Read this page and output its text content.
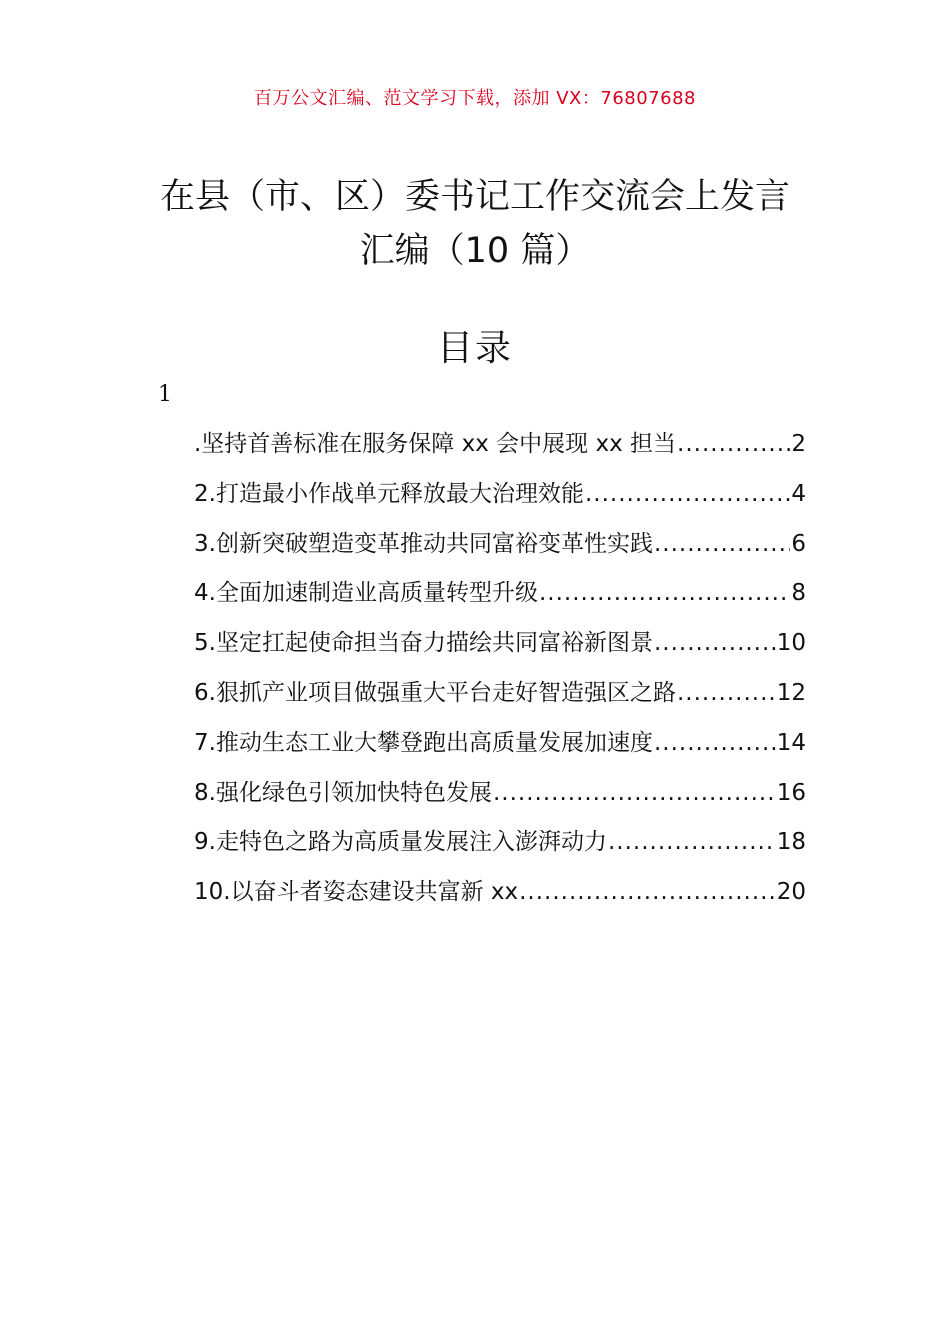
百万公文汇编、范文学习下载，添加 VX：76807688
在县（市、区）委书记工作交流会上发言
汇编（10 篇）
目录
1
.坚持首善标准在服务保障 xx 会中展现 xx 担当 .....	2
2.打造最小作战单元释放最大治理效能 .....	4
3.创新突破塑造变革推动共同富裕变革性实践 .....	6
4.全面加速制造业高质量转型升级 .....	8
5.坚定扛起使命担当奋力描绘共同富裕新图景 .....	10
6.狠抓产业项目做强重大平台走好智造强区之路 .....	12
7.推动生态工业大攀登跑出高质量发展加速度 .....	14
8.强化绿色引领加快特色发展 .....	16
9.走特色之路为高质量发展注入澎湃动力 .....	18
10.以奋斗者姿态建设共富新 xx .....	20
